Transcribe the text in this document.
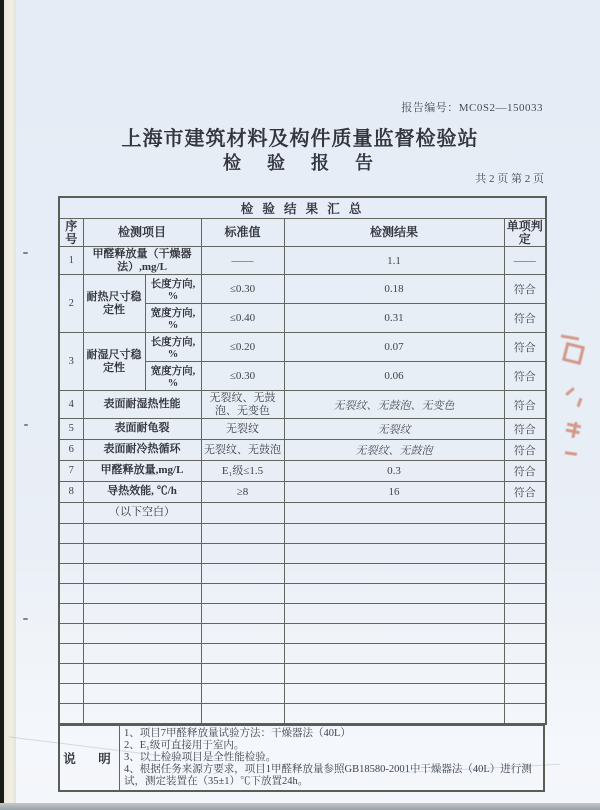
报告编号：MC0S2—150033
上海市建筑材料及构件质量监督检验站
检　验　报　告
共 2 页 第 2 页
检 验 结 果 汇 总					
序号	检测项目		标准值	检测结果	单项判定
1	甲醛释放量（干燥器法）,mg/L		——	1.1	——
2	耐热尺寸稳定性	长度方向, %	≤0.30	0.18	符合
		宽度方向, %	≤0.40	0.31	符合
3	耐湿尺寸稳定性	长度方向, %	≤0.20	0.07	符合
		宽度方向, %	≤0.30	0.06	符合
4	表面耐湿热性能		无裂纹、无鼓泡、无变色	无裂纹、无鼓泡、无变色	符合
5	表面耐龟裂		无裂纹	无裂纹	符合
6	表面耐冷热循环		无裂纹、无鼓泡	无裂纹、无鼓泡	符合
7	甲醛释放量,mg/L		E₁级≤1.5	0.3	符合
8	导热效能, ℃/h		≥8	16	符合
	（以下空白）				

说　明	
1、项目7甲醛释放量试验方法：干燥器法（40L）
2、E₁级可直接用于室内。
3、以上检验项目是全性能检验。
4、根据任务来源方要求，项目1甲醛释放量参照GB18580-2001中干燥器法（40L）进行测试，测定装置在（35±1）℃下放置24h。
